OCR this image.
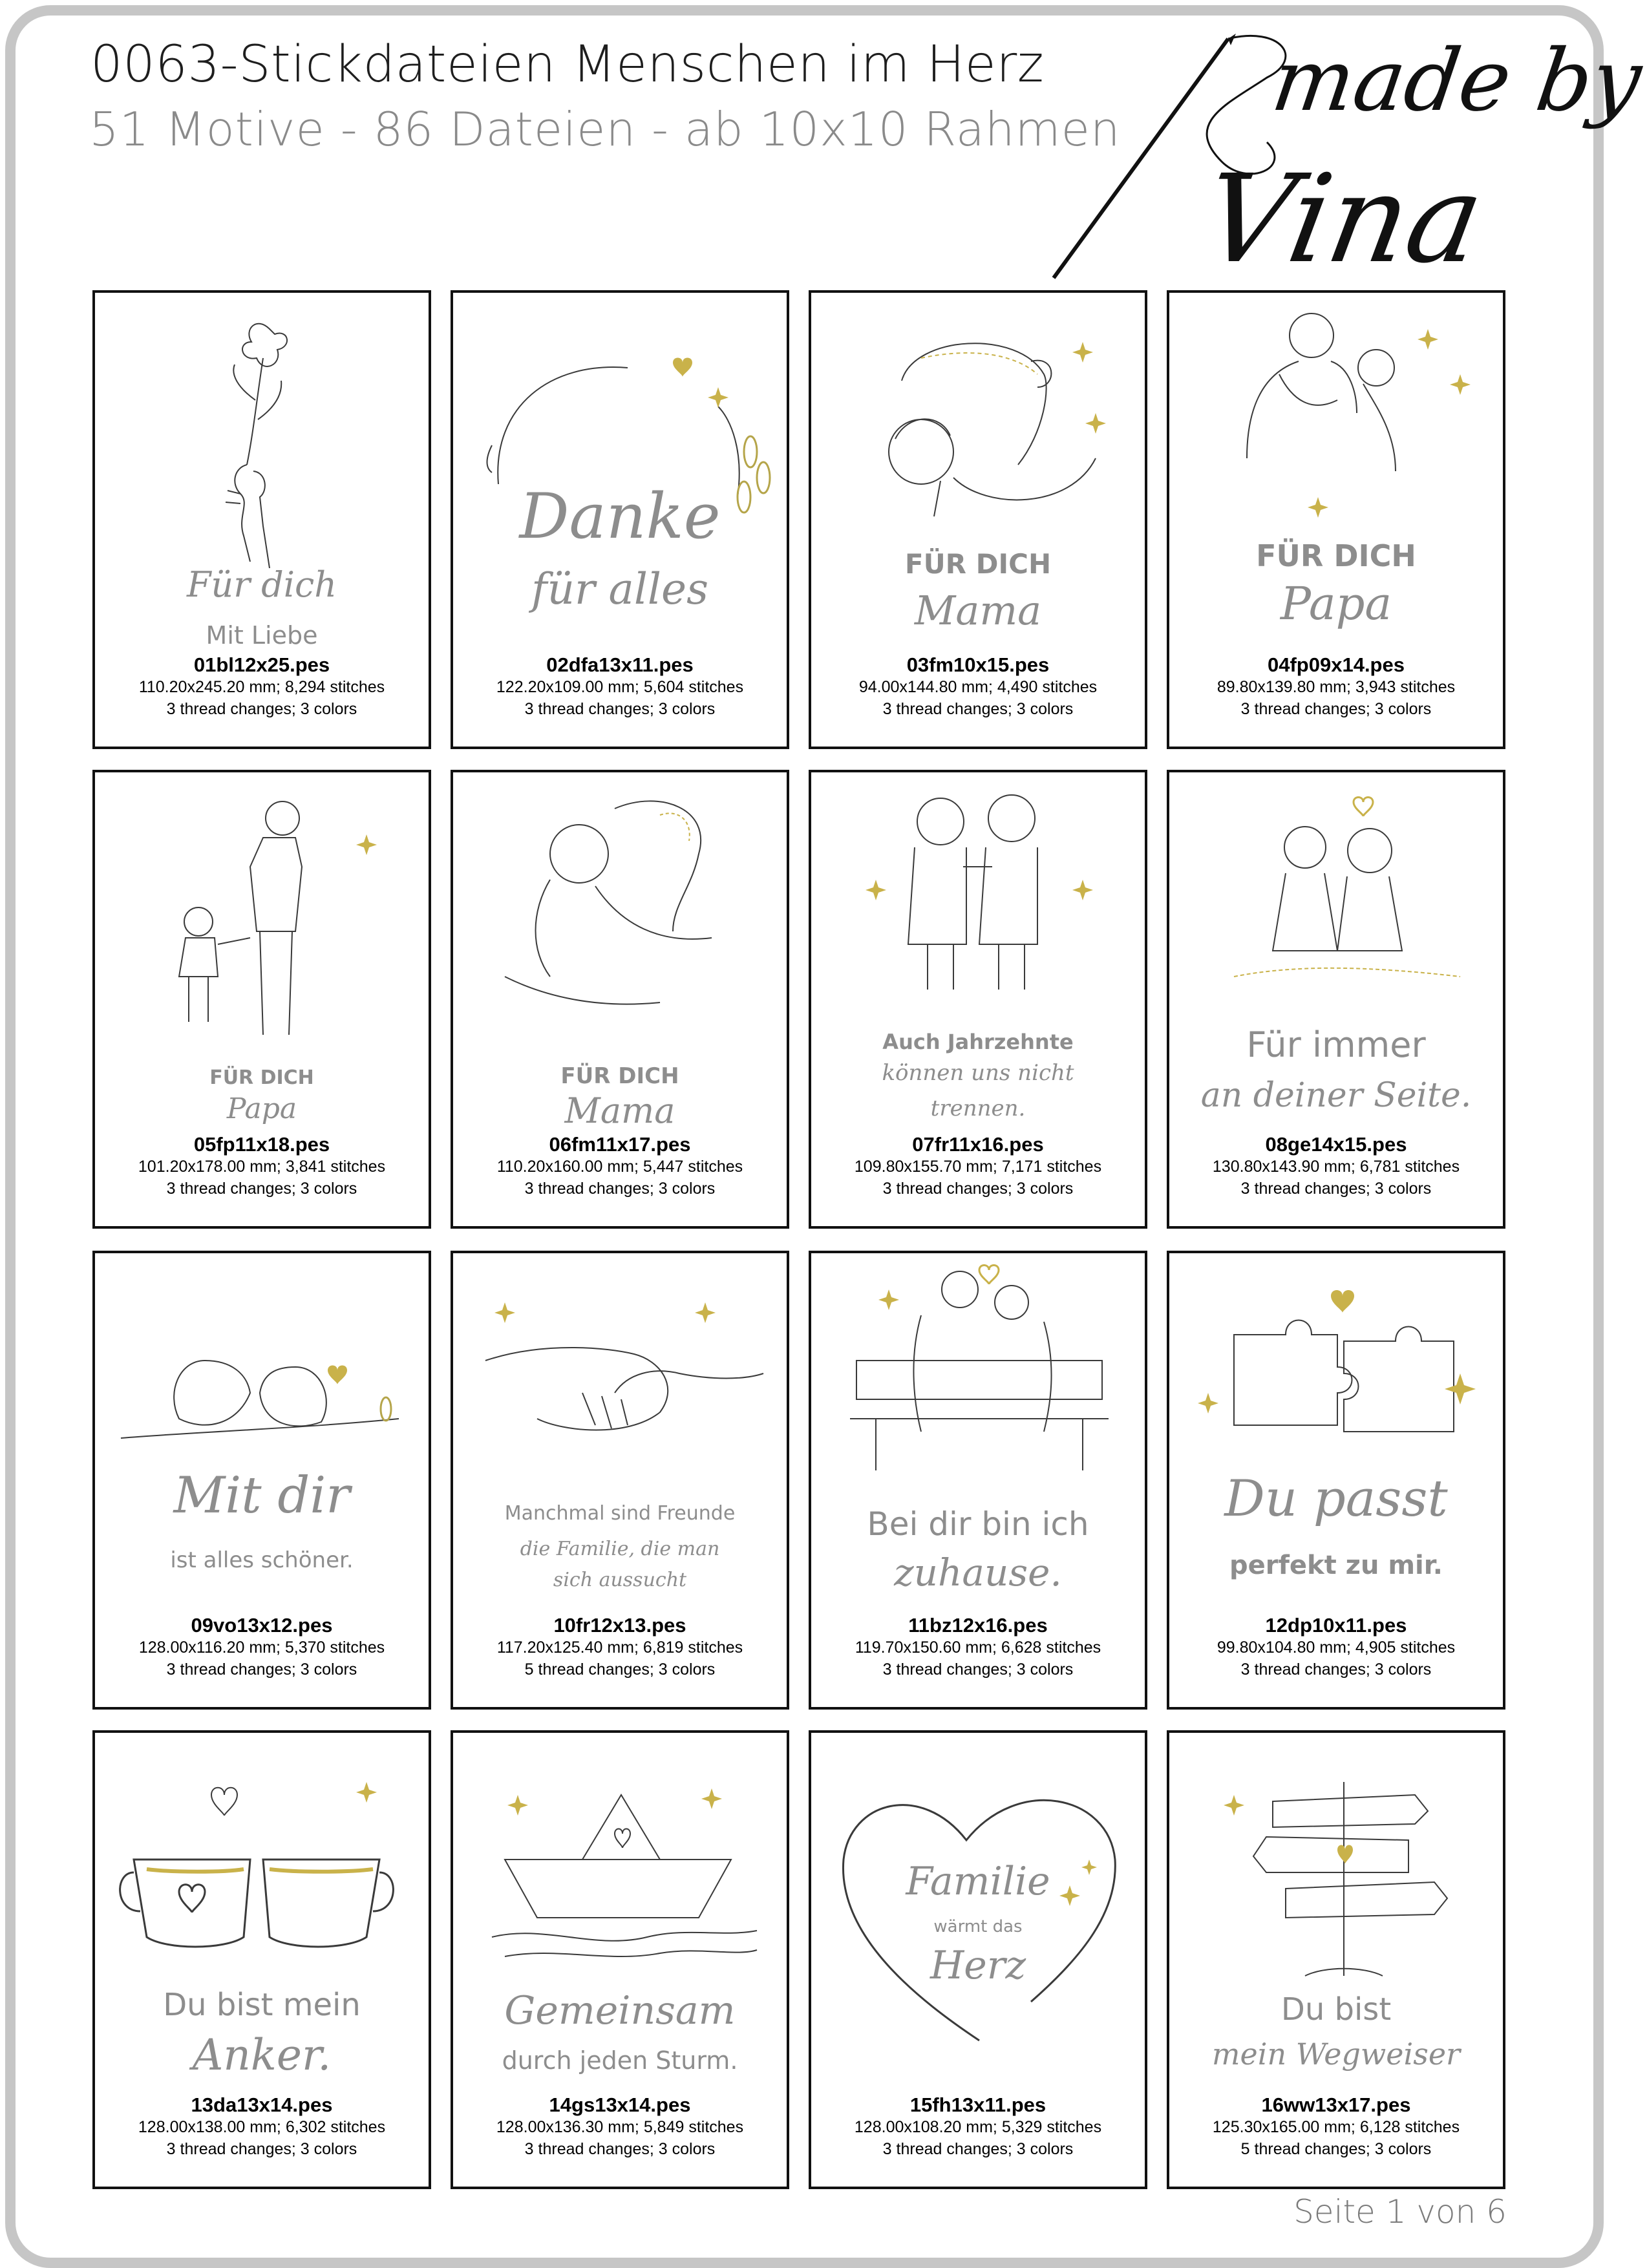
0063-Stickdateien Menschen im Herz
51 Motive - 86 Dateien - ab 10x10 Rahmen made by
Vina
Für dich
Mit Liebe
01bl12x25.pes
110.20x245.20 mm; 8,294 stitches
3 thread changes; 3 colors
Danke
für alles
02dfa13x11.pes
122.20x109.00 mm; 5,604 stitches
3 thread changes; 3 colors
FÜR DICH
Mama
03fm10x15.pes
94.00x144.80 mm; 4,490 stitches
3 thread changes; 3 colors
FÜR DICH
Papa
04fp09x14.pes
89.80x139.80 mm; 3,943 stitches
3 thread changes; 3 colors
FÜR DICH
Papa
05fp11x18.pes
101.20x178.00 mm; 3,841 stitches
3 thread changes; 3 colors
FÜR DICH
Mama
06fm11x17.pes
110.20x160.00 mm; 5,447 stitches
3 thread changes; 3 colors
Auch Jahrzehnte
können uns nicht
trennen.
07fr11x16.pes
109.80x155.70 mm; 7,171 stitches
3 thread changes; 3 colors
Für immer
an deiner Seite.
08ge14x15.pes
130.80x143.90 mm; 6,781 stitches
3 thread changes; 3 colors
Mit dir
ist alles schöner.
09vo13x12.pes
128.00x116.20 mm; 5,370 stitches
3 thread changes; 3 colors
Manchmal sind Freunde
die Familie, die man
sich aussucht
10fr12x13.pes
117.20x125.40 mm; 6,819 stitches
5 thread changes; 3 colors
Bei dir bin ich
zuhause.
11bz12x16.pes
119.70x150.60 mm; 6,628 stitches
3 thread changes; 3 colors
Du passt
perfekt zu mir.
12dp10x11.pes
99.80x104.80 mm; 4,905 stitches
3 thread changes; 3 colors
Du bist mein
Anker.
13da13x14.pes
128.00x138.00 mm; 6,302 stitches
3 thread changes; 3 colors
Gemeinsam
durch jeden Sturm.
14gs13x14.pes
128.00x136.30 mm; 5,849 stitches
3 thread changes; 3 colors
Familie
wärmt das
Herz
15fh13x11.pes
128.00x108.20 mm; 5,329 stitches
3 thread changes; 3 colors
Du bist
mein Wegweiser
16ww13x17.pes
125.30x165.00 mm; 6,128 stitches
5 thread changes; 3 colors
Seite 1 von 6
